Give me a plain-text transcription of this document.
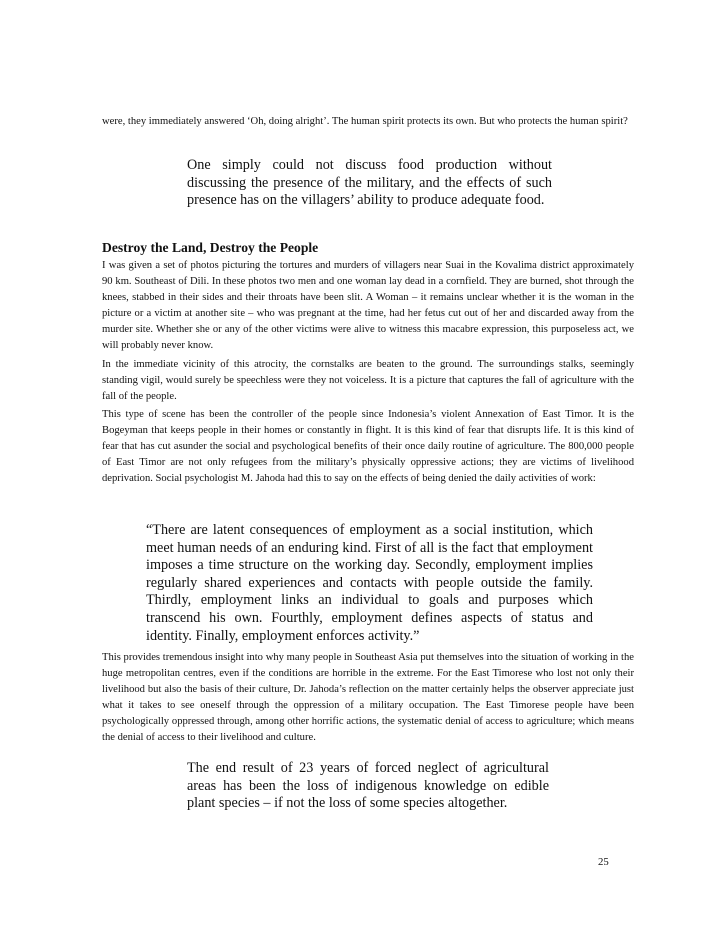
were, they immediately answered ‘Oh, doing alright’. The human spirit protects its own. But who protects the human spirit?

One simply could not discuss food production without discussing the presence of the military, and the effects of such presence has on the villagers’ ability to produce adequate food.

Destroy the Land, Destroy the People

I was given a set of photos picturing the tortures and murders of villagers near Suai in the Kovalima district approximately 90 km. Southeast of Dili. In these photos two men and one woman lay dead in a cornfield. They are burned, shot through the knees, stabbed in their sides and their throats have been slit. A Woman – it remains unclear whether it is the woman in the picture or a victim at another site – who was pregnant at the time, had her fetus cut out of her and discarded away from the murder site. Whether she or any of the other victims were alive to witness this macabre expression, this purposeless act, we will probably never know.

In the immediate vicinity of this atrocity, the cornstalks are beaten to the ground. The surroundings stalks, seemingly standing vigil, would surely be speechless were they not voiceless. It is a picture that captures the fall of agriculture with the fall of the people.

This type of scene has been the controller of the people since Indonesia’s violent Annexation of East Timor. It is the Bogeyman that keeps people in their homes or constantly in flight. It is this kind of fear that disrupts life. It is this kind of fear that has cut asunder the social and psychological benefits of their once daily routine of agriculture. The 800,000 people of East Timor are not only refugees from the military’s physically oppressive actions; they are victims of livelihood deprivation. Social psychologist M. Jahoda had this to say on the effects of being denied the daily activities of work:

“There are latent consequences of employment as a social institution, which meet human needs of an enduring kind. First of all is the fact that employment imposes a time structure on the working day. Secondly, employment implies regularly shared experiences and contacts with people outside the family. Thirdly, employment links an individual to goals and purposes which transcend his own. Fourthly, employment defines aspects of status and identity. Finally, employment enforces activity.”

This provides tremendous insight into why many people in Southeast Asia put themselves into the situation of working in the huge metropolitan centres, even if the conditions are horrible in the extreme. For the East Timorese who lost not only their livelihood but also the basis of their culture, Dr. Jahoda’s reflection on the matter certainly helps the observer appreciate just what it takes to see oneself through the oppression of a military occupation. The East Timorese people have been psychologically oppressed through, among other horrific actions, the systematic denial of access to agriculture; which means the denial of access to their livelihood and culture.

The end result of 23 years of forced neglect of agricultural areas has been the loss of indigenous knowledge on edible plant species – if not the loss of some species altogether.

25
